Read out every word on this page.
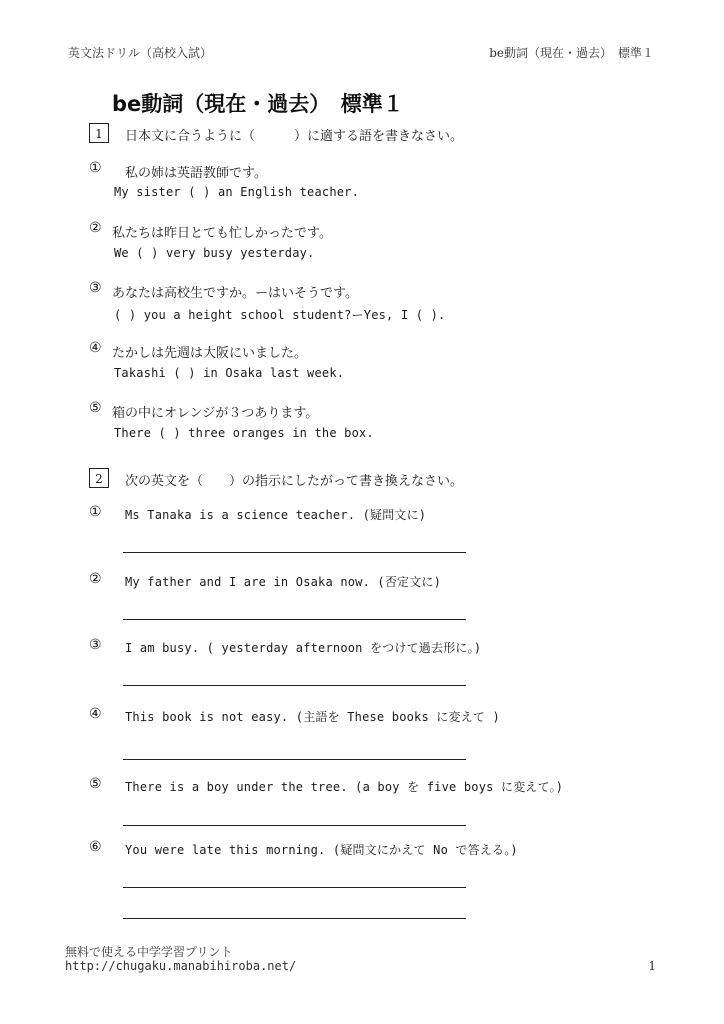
英文法ドリル（高校入試）	be動詞（現在・過去）　標準１
be動詞（現在・過去）　標準１
1	日本文に合うように（　　　）に適する語を書きなさい。
① 　私の姉は英語教師です。
My sister ( ) an English teacher.
② 私たちは昨日とても忙しかったです。
We ( ) very busy yesterday.
③ あなたは高校生ですか。ーはいそうです。
( ) you a height school student?ーYes, I ( ).
④ たかしは先週は大阪にいました。
Takashi ( ) in Osaka last week.
⑤ 箱の中にオレンジが３つあります。
There ( ) three oranges in the box.
2	次の英文を（　　）の指示にしたがって書き換えなさい。
① Ms Tanaka is a science teacher. (疑問文に)
② My father and I are in Osaka now. (否定文に)
③ I am busy. ( yesterday afternoon をつけて過去形に。)
④ This book is not easy. (主語を These books に変えて )
⑤ There is a boy under the tree. (a boy を five boys に変えて。)
⑥ You were late this morning. (疑問文にかえて No で答える。)
無料で使える中学学習プリント
http://chugaku.manabihiroba.net/	1
